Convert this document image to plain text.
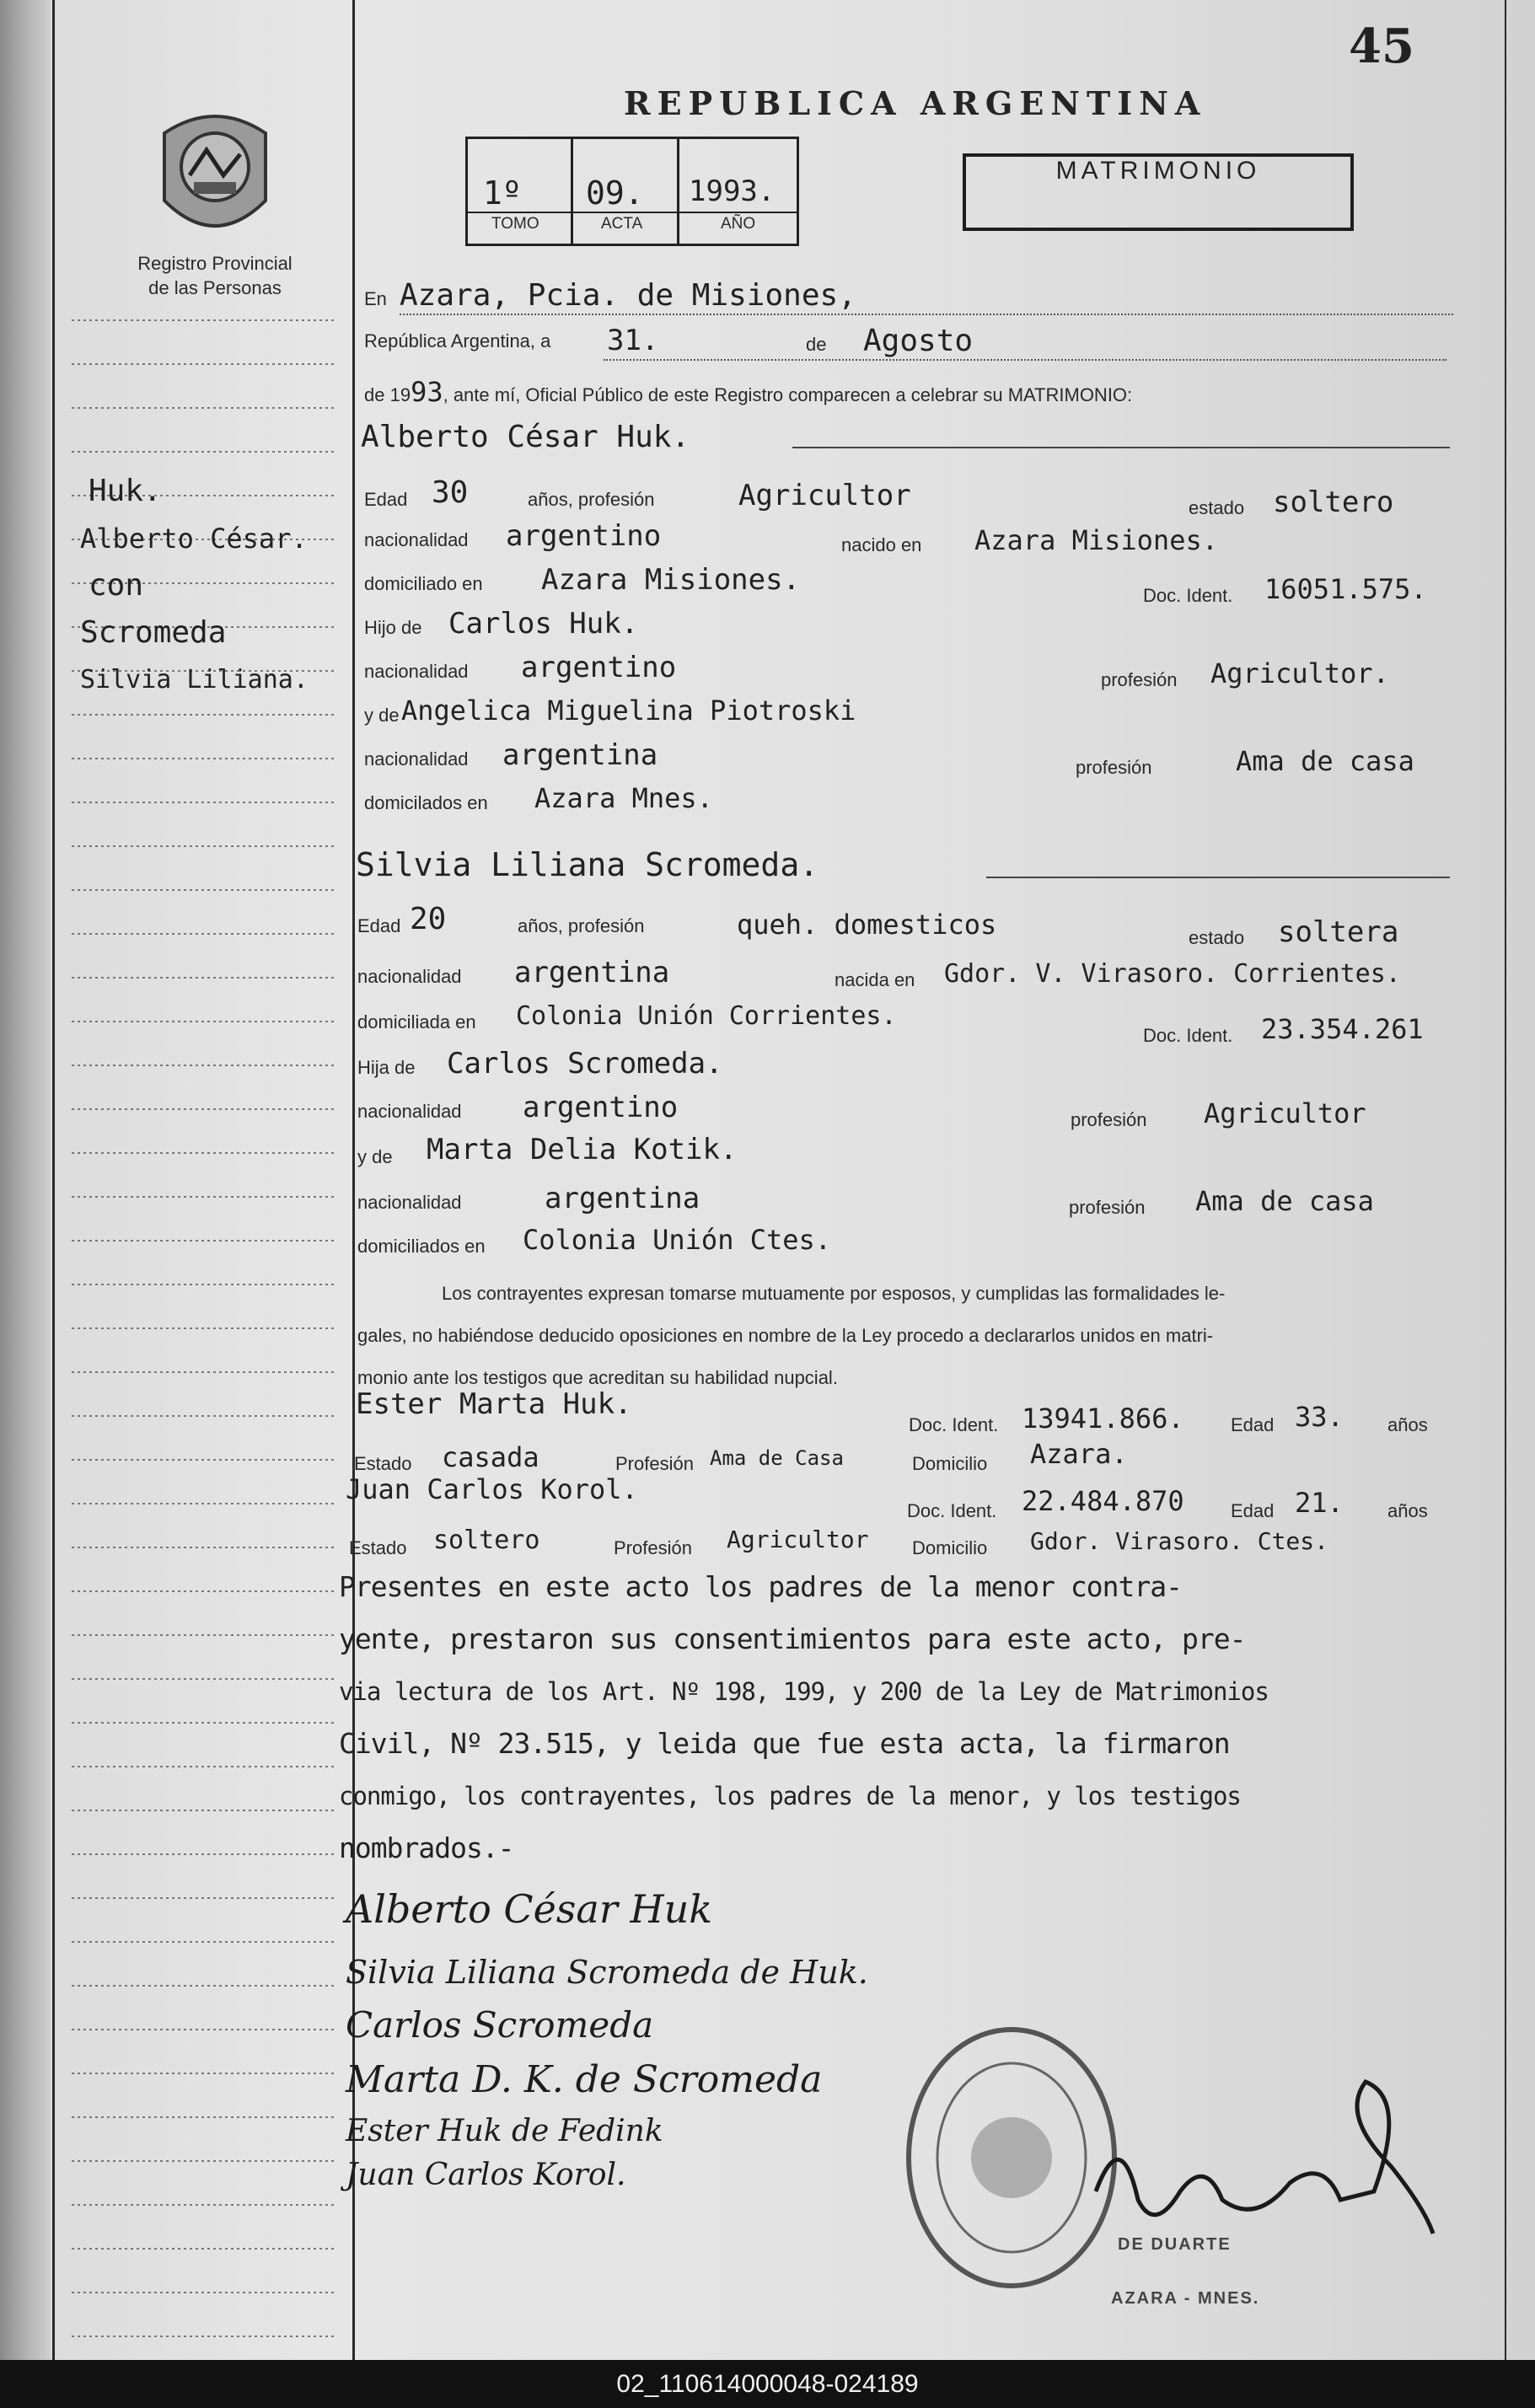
45
REPUBLICA ARGENTINA
Registro Provincial
de las Personas
1º 09. 1993.
TOMO	ACTA	AÑO
MATRIMONIO
Huk.
Alberto César.
con
Scromeda
Silvia Liliana.
En Azara, Pcia. de Misiones,
República Argentina, a 31.	de Agosto
de 1993, ante mí, Oficial Público de este Registro comparecen a celebrar su MATRIMONIO:
Alberto César Huk.
Edad 30	años, profesión	Agricultor	estado soltero
nacionalidad argentino	nacido en Azara Misiones.
domiciliado en Azara Misiones.	Doc. Ident. 16051.575.
Hijo de Carlos Huk.
nacionalidad argentino	profesión Agricultor.
y de Angelica Miguelina Piotroski
nacionalidad argentina	profesión	Ama de casa
domicilados en Azara Mnes.
Silvia Liliana Scromeda.
Edad 20	años, profesión	queh. domesticos	estado soltera
nacionalidad argentina	nacida en Gdor. V. Virasoro. Corrientes.
domiciliada en Colonia Unión Corrientes.
Doc. Ident. 23.354.261
Hija de Carlos Scromeda.
nacionalidad argentino	profesión Agricultor
y de Marta Delia Kotik.
nacionalidad	argentina	profesión Ama de casa
domiciliados en Colonia Unión Ctes.
Los contrayentes expresan tomarse mutuamente por esposos, y cumplidas las formalidades le-
gales, no habiéndose deducido oposiciones en nombre de la Ley procedo a declararlos unidos en matri-
monio ante los testigos que acreditan su habilidad nupcial.
Ester Marta Huk.
Doc. Ident. 13941.866.	Edad 33. años
Estado casada	Profesión Ama de Casa	Domicilio Azara.
Juan Carlos Korol.
Doc. Ident. 22.484.870	Edad 21. años
Estado soltero	Profesión Agricultor Domicilio Gdor. Virasoro. Ctes.
Presentes en este acto los padres de la menor contra-
yente, prestaron sus consentimientos para este acto, pre-
via lectura de los Art. Nº 198, 199, y 200 de la Ley de Matrimonios
Civil, Nº 23.515, y leida que fue esta acta, la firmaron
conmigo, los contrayentes, los padres de la menor, y los testigos
nombrados.-
Alberto César Huk
Silvia Liliana Scromeda de Huk.
Carlos Scromeda
Marta D. K. de Scromeda
Ester Huk de Fedink
Juan Carlos Korol.
DE DUARTE
AZARA - MNES.
02_110614000048-024189
